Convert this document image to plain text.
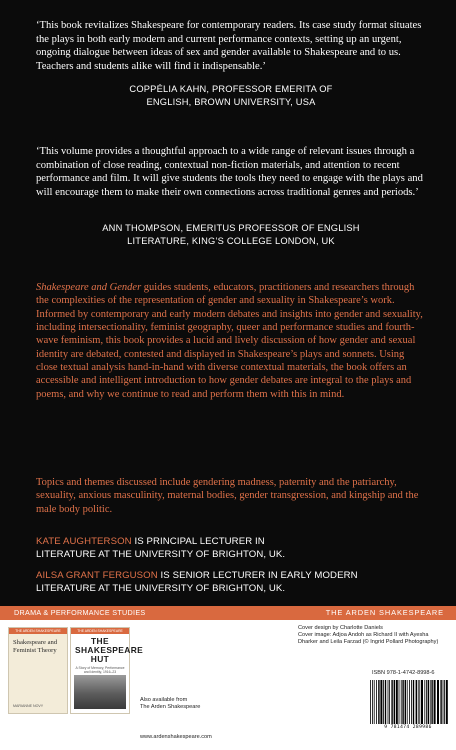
‘This book revitalizes Shakespeare for contemporary readers. Its case study format situates the plays in both early modern and current performance contexts, setting up an urgent, ongoing dialogue between ideas of sex and gender available to Shakespeare and to us. Teachers and students alike will find it indispensable.’

COPPÉLIA KAHN, PROFESSOR EMERITA OF
ENGLISH, BROWN UNIVERSITY, USA

‘This volume provides a thoughtful approach to a wide range of relevant issues through a combination of close reading, contextual non-fiction materials, and attention to recent performance and film. It will give students the tools they need to engage with the plays and will encourage them to make their own connections across traditional genres and periods.’

ANN THOMPSON, EMERITUS PROFESSOR OF ENGLISH
LITERATURE, KING’S COLLEGE LONDON, UK

Shakespeare and Gender guides students, educators, practitioners and researchers through the complexities of the representation of gender and sexuality in Shakespeare’s work. Informed by contemporary and early modern debates and insights into gender and sexuality, including intersectionality, feminist geography, queer and performance studies and fourth-wave feminism, this book provides a lucid and lively discussion of how gender and sexual identity are debated, contested and displayed in Shakespeare’s plays and sonnets. Using close textual analysis hand-in-hand with diverse contextual materials, the book offers an accessible and intelligent introduction to how gender debates are integral to the plays and poems, and why we continue to read and perform them with this in mind.

Topics and themes discussed include gendering madness, paternity and the patriarchy, sexuality, anxious masculinity, maternal bodies, gender transgression, and kingship and the male body politic.

KATE AUGHTERSON IS PRINCIPAL LECTURER IN
LITERATURE AT THE UNIVERSITY OF BRIGHTON, UK.
AILSA GRANT FERGUSON IS SENIOR LECTURER IN EARLY MODERN
LITERATURE AT THE UNIVERSITY OF BRIGHTON, UK.
DRAMA & PERFORMANCE STUDIES	THE ARDEN SHAKESPEARE
THE ARDEN SHAKESPEARE
Shakespeare and Feminist Theory
MARIANNE NOVY
THE ARDEN SHAKESPEARE
THE SHAKESPEARE HUT
A Story of Memory, Performance and Identity, 1916–23
Also available from
The Arden Shakespeare
www.ardenshakespeare.com
Cover design by Charlotte Daniels
Cover image: Adjoa Andoh as Richard II with Ayesha
Dharker and Leila Farzad (© Ingrid Pollard Photography)
ISBN 978-1-4742-8998-6
9 781474 289986
